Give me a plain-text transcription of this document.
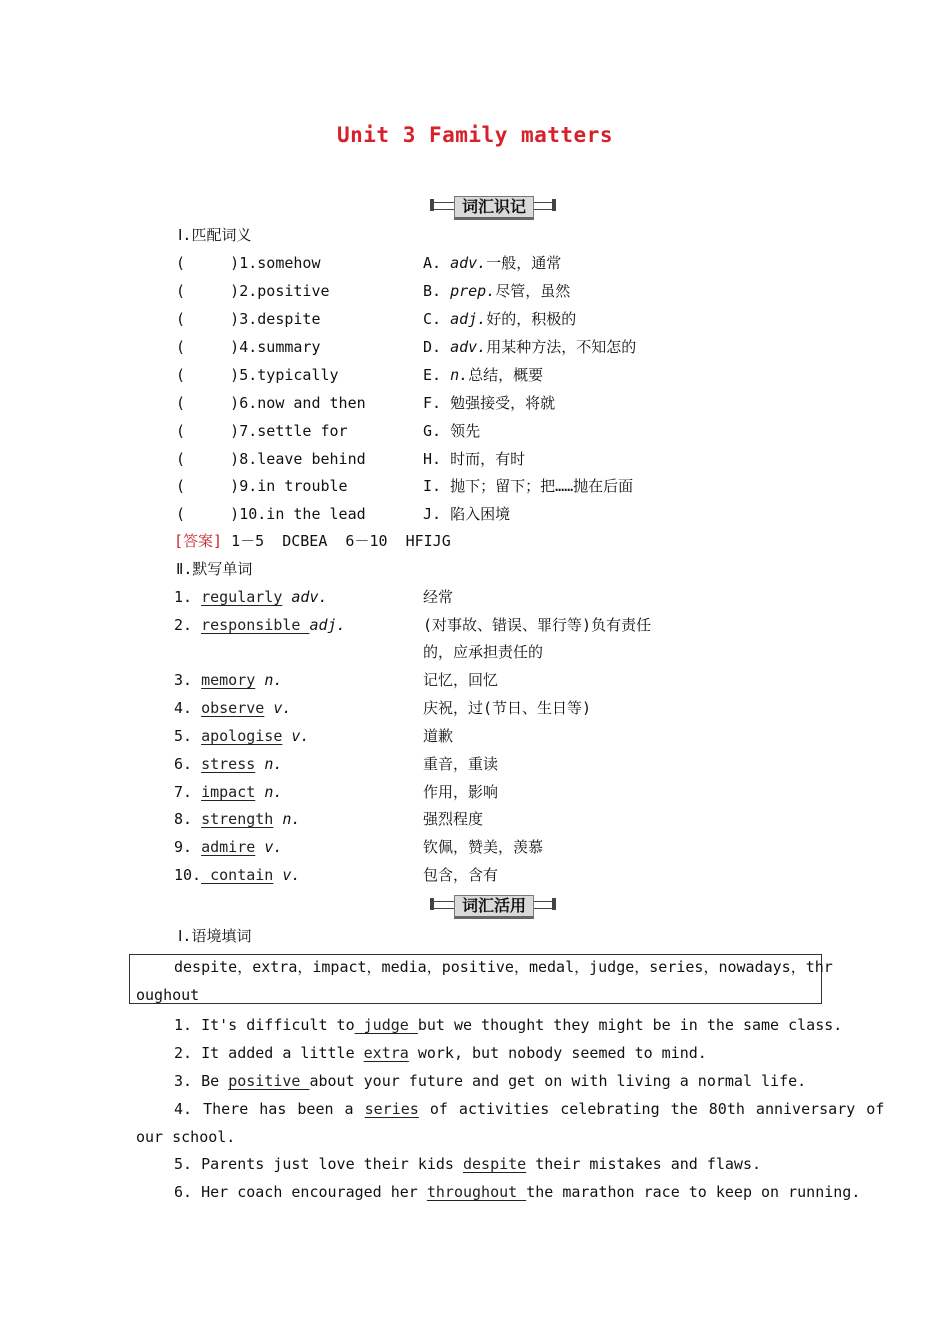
Unit 3 Family matters
词汇识记
Ⅰ.匹配词义
(     )1.somehow	A. adv.一般，通常
(     )2.positive	B. prep.尽管，虽然
(     )3.despite	C. adj.好的，积极的
(     )4.summary	D. adv.用某种方法，不知怎的
(     )5.typically	E. n.总结，概要
(     )6.now and then	F. 勉强接受，将就
(     )7.settle for	G. 领先
(     )8.leave behind	H. 时而，有时
(     )9.in trouble	I. 抛下；留下；把……抛在后面
(     )10.in the lead	J. 陷入困境
[答案] 1－5  DCBEA  6－10  HFIJG
Ⅱ.默写单词
1. regularly adv.	经常
2. responsible adj.	(对事故、错误、罪行等)负有责任
的，应承担责任的
3. memory n.	记忆，回忆
4. observe v.	庆祝，过(节日、生日等)
5. apologise v.	道歉
6. stress n.	重音，重读
7. impact n.	作用，影响
8. strength n.	强烈程度
9. admire v.	钦佩，赞美，羡慕
10. contain v.	包含，含有
词汇活用
Ⅰ.语境填词
despite，extra，impact，media，positive，medal，judge，series，nowadays，thr
oughout
1. It's difficult to judge but we thought they might be in the same class.
2. It added a little extra work, but nobody seemed to mind.
3. Be positive about your future and get on with living a normal life.
4. There has been a series of activities celebrating the 80th anniversary of
our school.
5. Parents just love their kids despite their mistakes and flaws.
6. Her coach encouraged her throughout the marathon race to keep on running.
